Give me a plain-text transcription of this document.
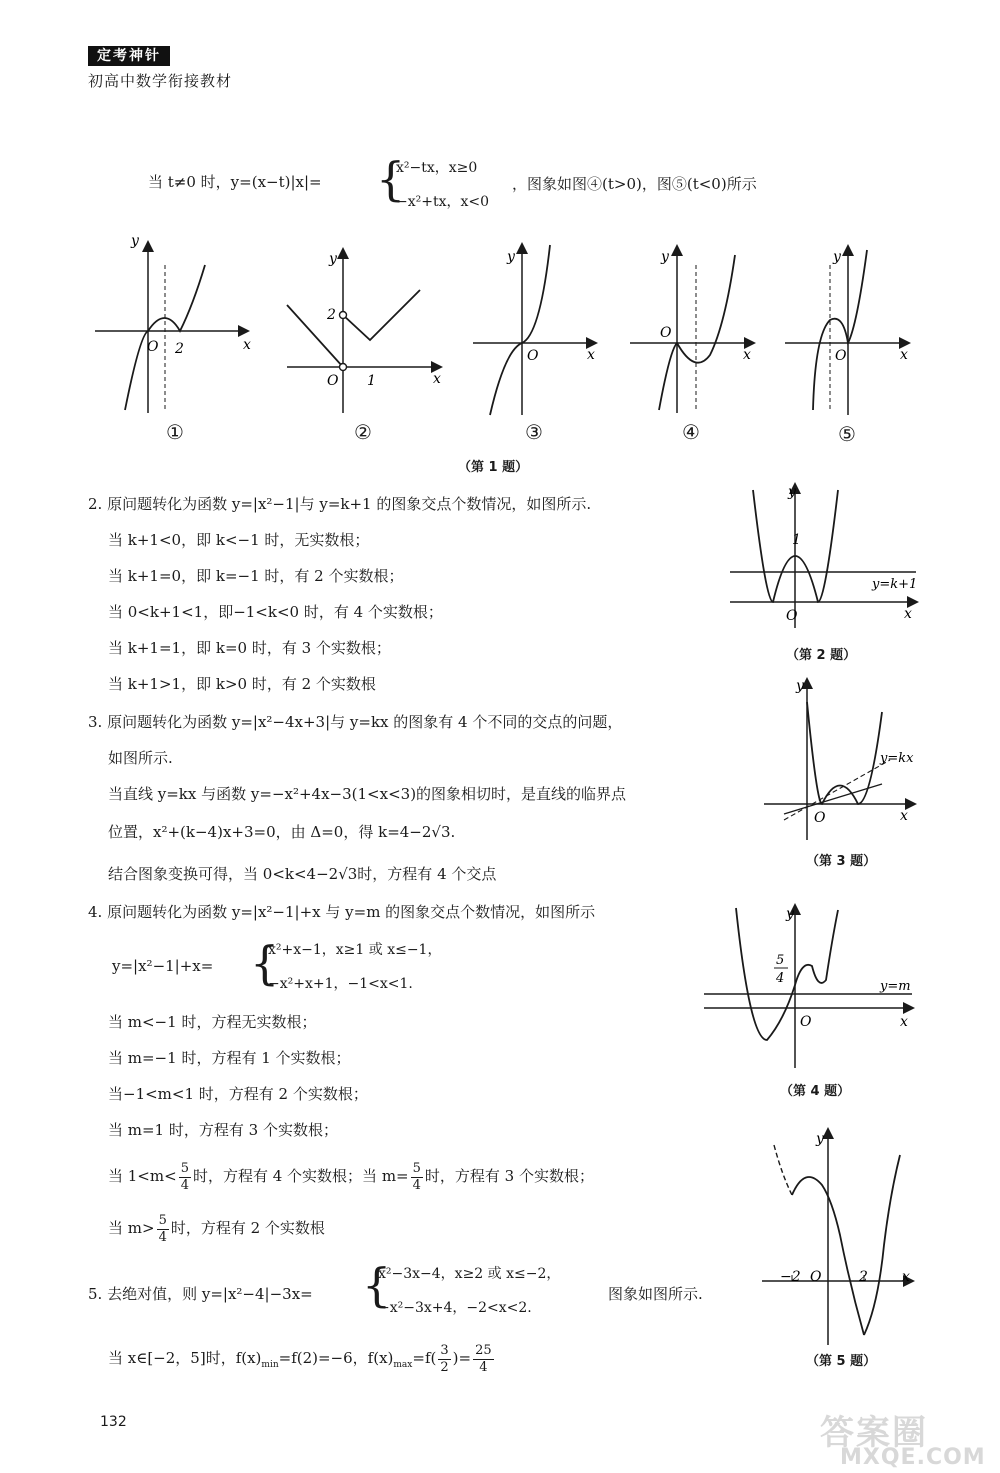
定考神针
初高中数学衔接教材
当 t≠0 时，y=(x−t)|x|= {
x²−tx，x≥0
−x²+tx，x<0
，图象如图④(t>0)，图⑤(t<0)所示
y
x
O 2
y
x
O
2
1
y
x
O
y
x
O
y
x
O
①	②	③	④	⑤
（第 1 题）
2. 原问题转化为函数 y=|x²−1|与 y=k+1 的图象交点个数情况，如图所示.
当 k+1<0，即 k<−1 时，无实数根；
当 k+1=0，即 k=−1 时，有 2 个实数根；
当 0<k+1<1，即−1<k<0 时，有 4 个实数根；
当 k+1=1，即 k=0 时，有 3 个实数根；
当 k+1>1，即 k>0 时，有 2 个实数根
y
x
O
1
y=k+1
（第 2 题）
3. 原问题转化为函数 y=|x²−4x+3|与 y=kx 的图象有 4 个不同的交点的问题，
如图所示.
当直线 y=kx 与函数 y=−x²+4x−3(1<x<3)的图象相切时，是直线的临界点
位置，x²+(k−4)x+3=0，由 Δ=0，得 k=4−2√3.
结合图象变换可得，当 0<k<4−2√3时，方程有 4 个交点
y
x
O
y=kx
（第 3 题）
4. 原问题转化为函数 y=|x²−1|+x 与 y=m 的图象交点个数情况，如图所示
y=|x²−1|+x= {
x²+x−1，x≥1 或 x≤−1，
−x²+x+1，−1<x<1.
当 m<−1 时，方程无实数根；
当 m=−1 时，方程有 1 个实数根；
当−1<m<1 时，方程有 2 个实数根；
当 m=1 时，方程有 3 个实数根；
当 $1<m< \frac{5}{4}$ 时，方程有 4 个实数根；当 $m= \frac{5}{4}$ 时，方程有 3 个实数根；
当 $m> \frac{5}{4}$ 时，方程有 2 个实数根
y
x
O
5
4
y=m
（第 4 题）
5. 去绝对值，则 y=|x²−4|−3x= {
x²−3x−4，x≥2 或 x≤−2，
−x²−3x+4，−2<x<2.
图象如图所示.
当 x∈[−2，5]时，$f(x)_{min}=f(2)=-6$，$f(x)_{max}=f( \frac{3}{2}$ )= $\frac{25}{4}$
y
x
O
−2	2
（第 5 题）
132	答案圈
MXQE.COM
